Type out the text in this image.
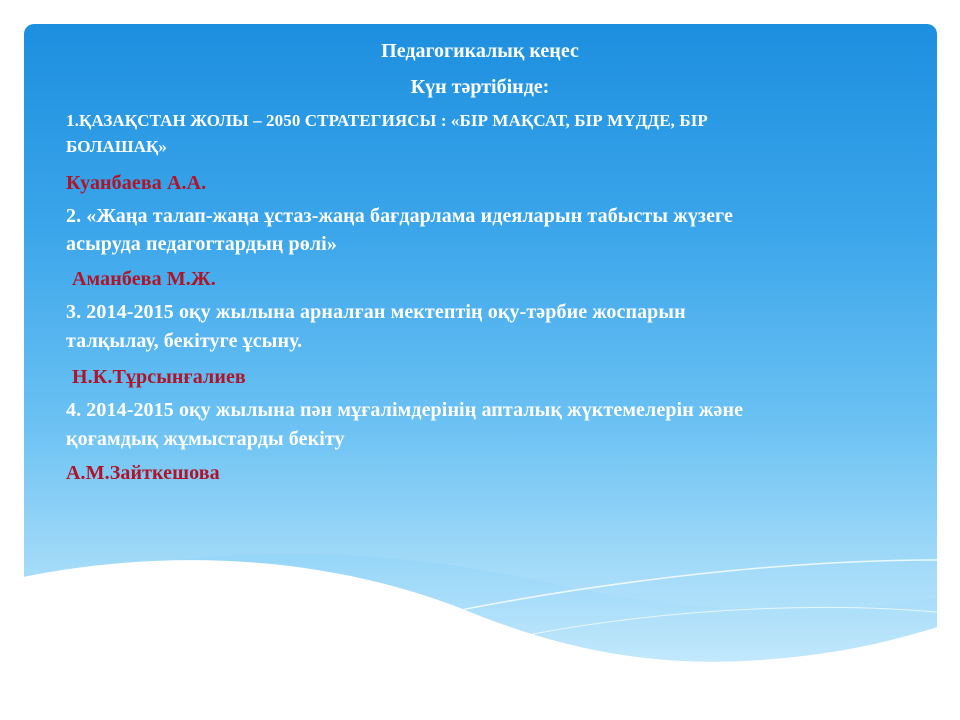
Педагогикалық кеңес
Күн тәртібінде:
1.ҚАЗАҚСТАН ЖОЛЫ – 2050 СТРАТЕГИЯСЫ : «БІР МАҚСАТ, БІР МҮДДЕ, БІР
БОЛАШАҚ»
Куанбаева А.А.
2. «Жаңа талап-жаңа ұстаз-жаңа бағдарлама идеяларын табысты жүзеге
асыруда педагогтардың рөлі»
Аманбева М.Ж.
3. 2014-2015 оқу жылына арналған мектептің оқу-тәрбие жоспарын
талқылау, бекітуге ұсыну.
Н.К.Тұрсынғалиев
4. 2014-2015 оқу жылына пән мұғалімдерінің апталық жүктемелерін және
қоғамдық жұмыстарды бекіту
А.М.Зайткешова
